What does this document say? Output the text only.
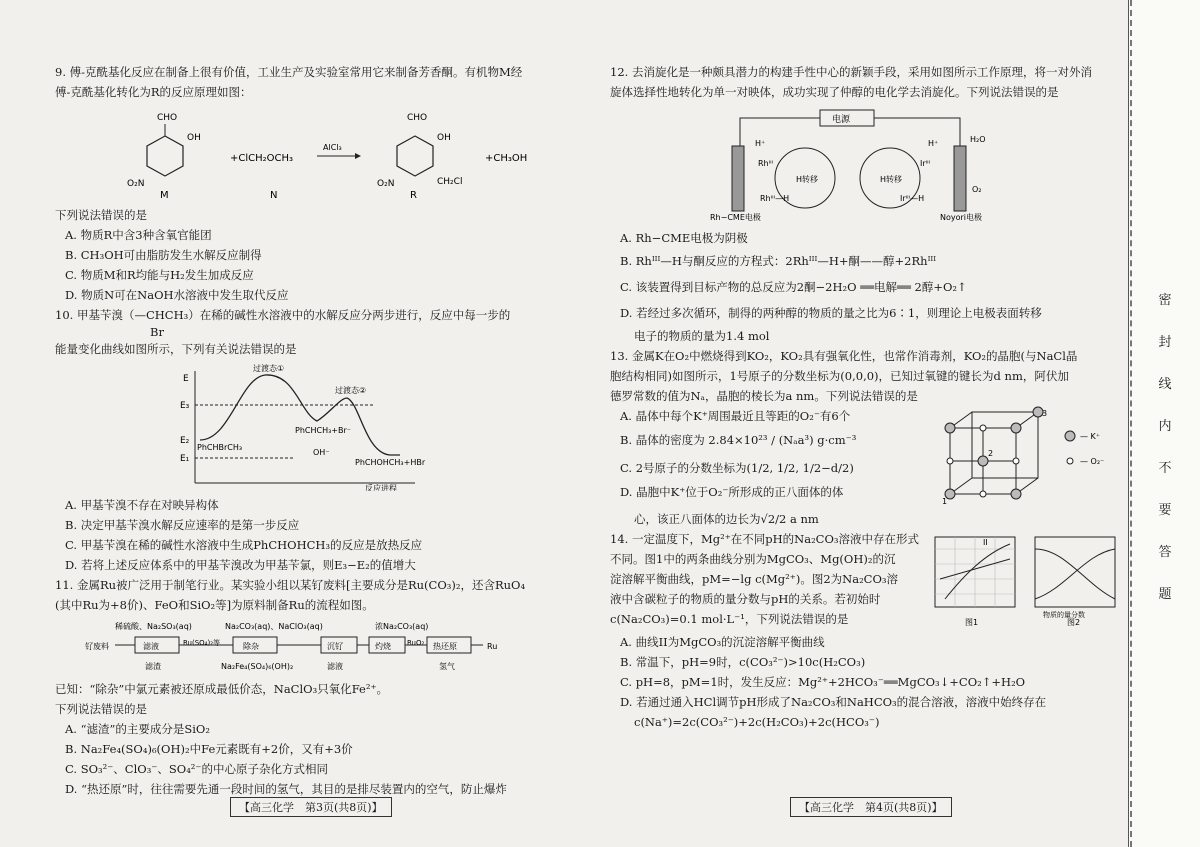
9. 傅-克酰基化反应在制备上很有价值，工业生产及实验室常用它来制备芳香酮。有机物M经

傅-克酰基化转化为R的反应原理如图：

CHO
OH
O₂N
M
+ClCH₂OCH₃
N
AlCl₃
CHO
OH
O₂N	CH₂Cl
R
+CH₃OH

下列说法错误的是

A. 物质R中含3种含氧官能团

B. CH₃OH可由脂肪发生水解反应制得

C. 物质M和R均能与H₂发生加成反应

D. 物质N可在NaOH水溶液中发生取代反应

10. 甲基苄溴（—CHCH₃）在稀的碱性水溶液中的水解反应分两步进行，反应中每一步的

Br

能量变化曲线如图所示，下列有关说法错误的是

E
E₃
E₂
E₁
过渡态①
过渡态②
PhCHBrCH₃
PhCHCH₃+Br⁻
OH⁻
PhCHOHCH₃+HBr
反应进程

A. 甲基苄溴不存在对映异构体

B. 决定甲基苄溴水解反应速率的是第一步反应

C. 甲基苄溴在稀的碱性水溶液中生成PhCHOHCH₃的反应是放热反应

D. 若将上述反应体系中的甲基苄溴改为甲基苄氯，则E₃−E₂的值增大

11. 金属Ru被广泛用于制笔行业。某实验小组以某钌废料[主要成分是Ru(CO₃)₂，还含RuO₄

(其中Ru为+8价)、FeO和SiO₂等]为原料制备Ru的流程如图。

稀硫酸、Na₂SO₃(aq)	Na₂CO₃(aq)、NaClO₃(aq)	浓Na₂CO₃(aq)
钌废料	滤液	Ru(SO₄)₂等	除杂	沉钌	灼烧 RuO₂ 热还原	Ru
滤渣	Na₂Fe₄(SO₄)₆(OH)₂	滤液	氢气

已知：“除杂”中氯元素被还原成最低价态，NaClO₃只氧化Fe²⁺。

下列说法错误的是

A. “滤渣”的主要成分是SiO₂

B. Na₂Fe₄(SO₄)₆(OH)₂中Fe元素既有+2价，又有+3价

C. SO₃²⁻、ClO₃⁻、SO₄²⁻的中心原子杂化方式相同

D. “热还原”时，往往需要先通一段时间的氢气，其目的是排尽装置内的空气，防止爆炸

【高三化学　第3页(共8页)】

12. 去消旋化是一种颇具潜力的构建手性中心的新颖手段，采用如图所示工作原理，将一对外消

旋体选择性地转化为单一对映体，成功实现了仲醇的电化学去消旋化。下列说法错误的是

电源
H⁺	H⁺
Rhᴵᴵᴵ	Irᴵᴵᴵ
H转移	H转移
Rhᴵᴵᴵ—H	Irᴵᴵᴵ—H
H₂O
O₂
Rh−CME电极	Noyori电极

A. Rh−CME电极为阴极

B. Rhᴵᴵᴵ—H与酮反应的方程式：2Rhᴵᴵᴵ—H+酮——醇+2Rhᴵᴵᴵ

C. 该装置得到目标产物的总反应为2酮−2H₂O ══电解══ 2醇+O₂↑

D. 若经过多次循环，制得的两种醇的物质的量之比为6∶1，则理论上电极表面转移

电子的物质的量为1.4 mol

13. 金属K在O₂中燃烧得到KO₂，KO₂具有强氧化性，也常作消毒剂，KO₂的晶胞(与NaCl晶

胞结构相同)如图所示，1号原子的分数坐标为(0,0,0)，已知过氧键的键长为d nm，阿伏加

德罗常数的值为Nₐ，晶胞的棱长为a nm。下列说法错误的是

A. 晶体中每个K⁺周围最近且等距的O₂⁻有6个

B. 晶体的密度为 2.84×10²³ / (Nₐa³) g·cm⁻³

C. 2号原子的分数坐标为(1/2, 1/2, 1/2−d/2)

D. 晶胞中K⁺位于O₂⁻所形成的正八面体的体

1
2
3
— K⁺
— O₂⁻

心，该正八面体的边长为√2/2 a nm

14. 一定温度下，Mg²⁺在不同pH的Na₂CO₃溶液中存在形式

不同。图1中的两条曲线分别为MgCO₃、Mg(OH)₂的沉

淀溶解平衡曲线，pM=−lg c(Mg²⁺)。图2为Na₂CO₃溶

液中含碳粒子的物质的量分数与pH的关系。若初始时

c(Na₂CO₃)=0.1 mol·L⁻¹，下列说法错误的是

II
图1
物质的量分数
图2

A. 曲线II为MgCO₃的沉淀溶解平衡曲线

B. 常温下，pH=9时，c(CO₃²⁻)>10c(H₂CO₃)

C. pH=8，pM=1时，发生反应：Mg²⁺+2HCO₃⁻══MgCO₃↓+CO₂↑+H₂O

D. 若通过通入HCl调节pH形成了Na₂CO₃和NaHCO₃的混合溶液，溶液中始终存在

c(Na⁺)=2c(CO₃²⁻)+2c(H₂CO₃)+2c(HCO₃⁻)

【高三化学　第4页(共8页)】
密
封
线
内
不
要
答
题
